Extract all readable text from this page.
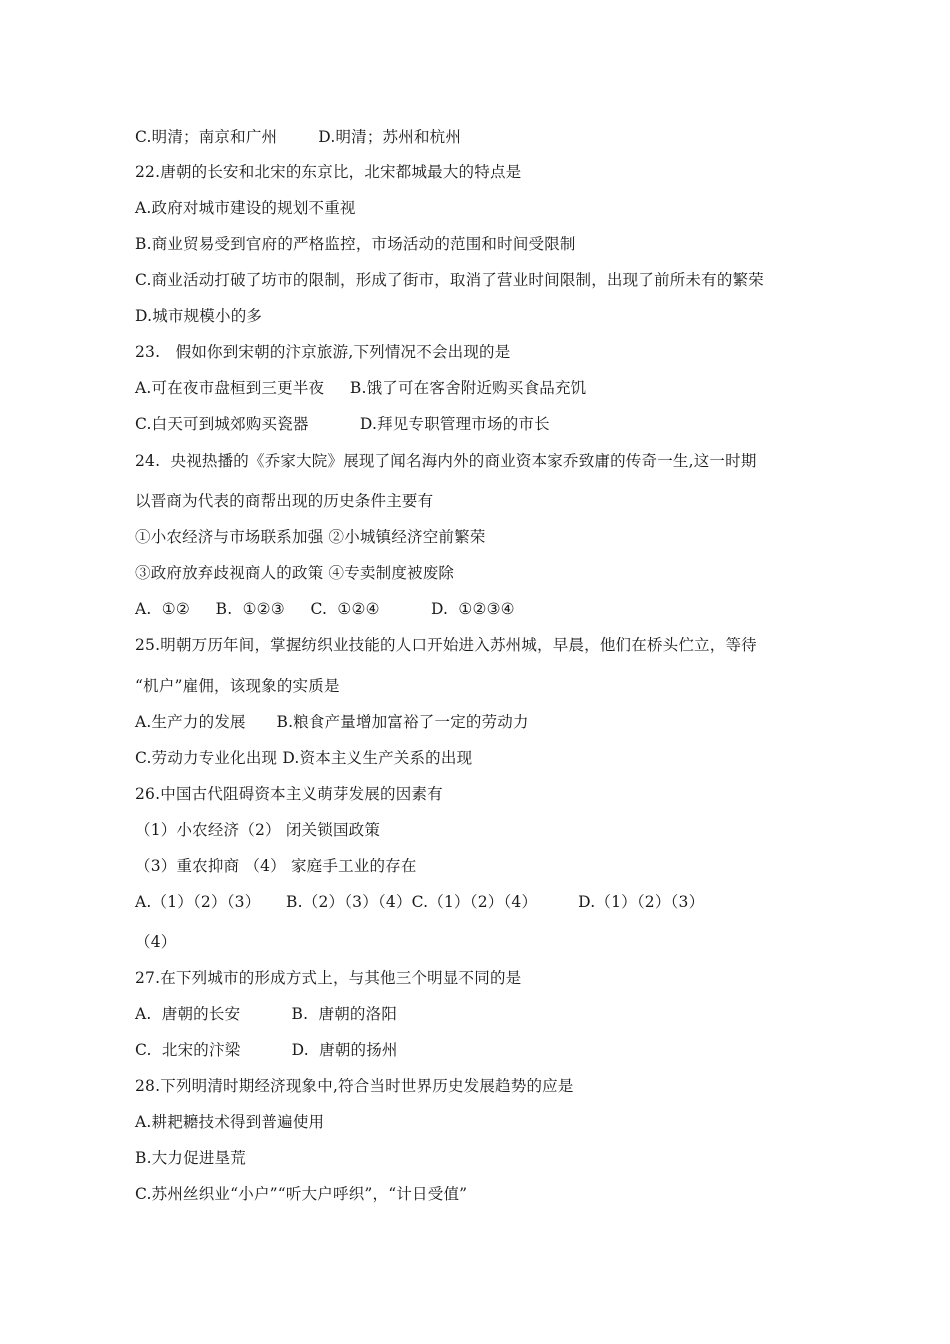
C.明清；南京和广州        D.明清；苏州和杭州
22.唐朝的长安和北宋的东京比，北宋都城最大的特点是
A.政府对城市建设的规划不重视
B.商业贸易受到官府的严格监控，市场活动的范围和时间受限制
C.商业活动打破了坊市的限制，形成了街市，取消了营业时间限制，出现了前所未有的繁荣
D.城市规模小的多
23.   假如你到宋朝的汴京旅游,下列情况不会出现的是
A.可在夜市盘桓到三更半夜     B.饿了可在客舍附近购买食品充饥
C.白天可到城郊购买瓷器          D.拜见专职管理市场的市长
24.  央视热播的《乔家大院》展现了闻名海内外的商业资本家乔致庸的传奇一生,这一时期
以晋商为代表的商帮出现的历史条件主要有
①小农经济与市场联系加强 ②小城镇经济空前繁荣
③政府放弃歧视商人的政策 ④专卖制度被废除
A.  ①②     B.  ①②③     C.  ①②④          D.  ①②③④
25.明朝万历年间，掌握纺织业技能的人口开始进入苏州城，早晨，他们在桥头伫立，等待
“机户”雇佣，该现象的实质是
A.生产力的发展      B.粮食产量增加富裕了一定的劳动力
C.劳动力专业化出现 D.资本主义生产关系的出现
26.中国古代阻碍资本主义萌芽发展的因素有
（1）小农经济（2） 闭关锁国政策
（3）重农抑商 （4） 家庭手工业的存在
A.（1）（2）（3）     B.（2）（3）（4）C.（1）（2）（4）        D.（1）（2）（3）
（4）
27.在下列城市的形成方式上，与其他三个明显不同的是
A.  唐朝的长安          B.  唐朝的洛阳
C.  北宋的汴梁          D.  唐朝的扬州
28.下列明清时期经济现象中,符合当时世界历史发展趋势的应是
A.耕耙耱技术得到普遍使用
B.大力促进垦荒
C.苏州丝织业“小户”“听大户呼织”，“计日受值”
